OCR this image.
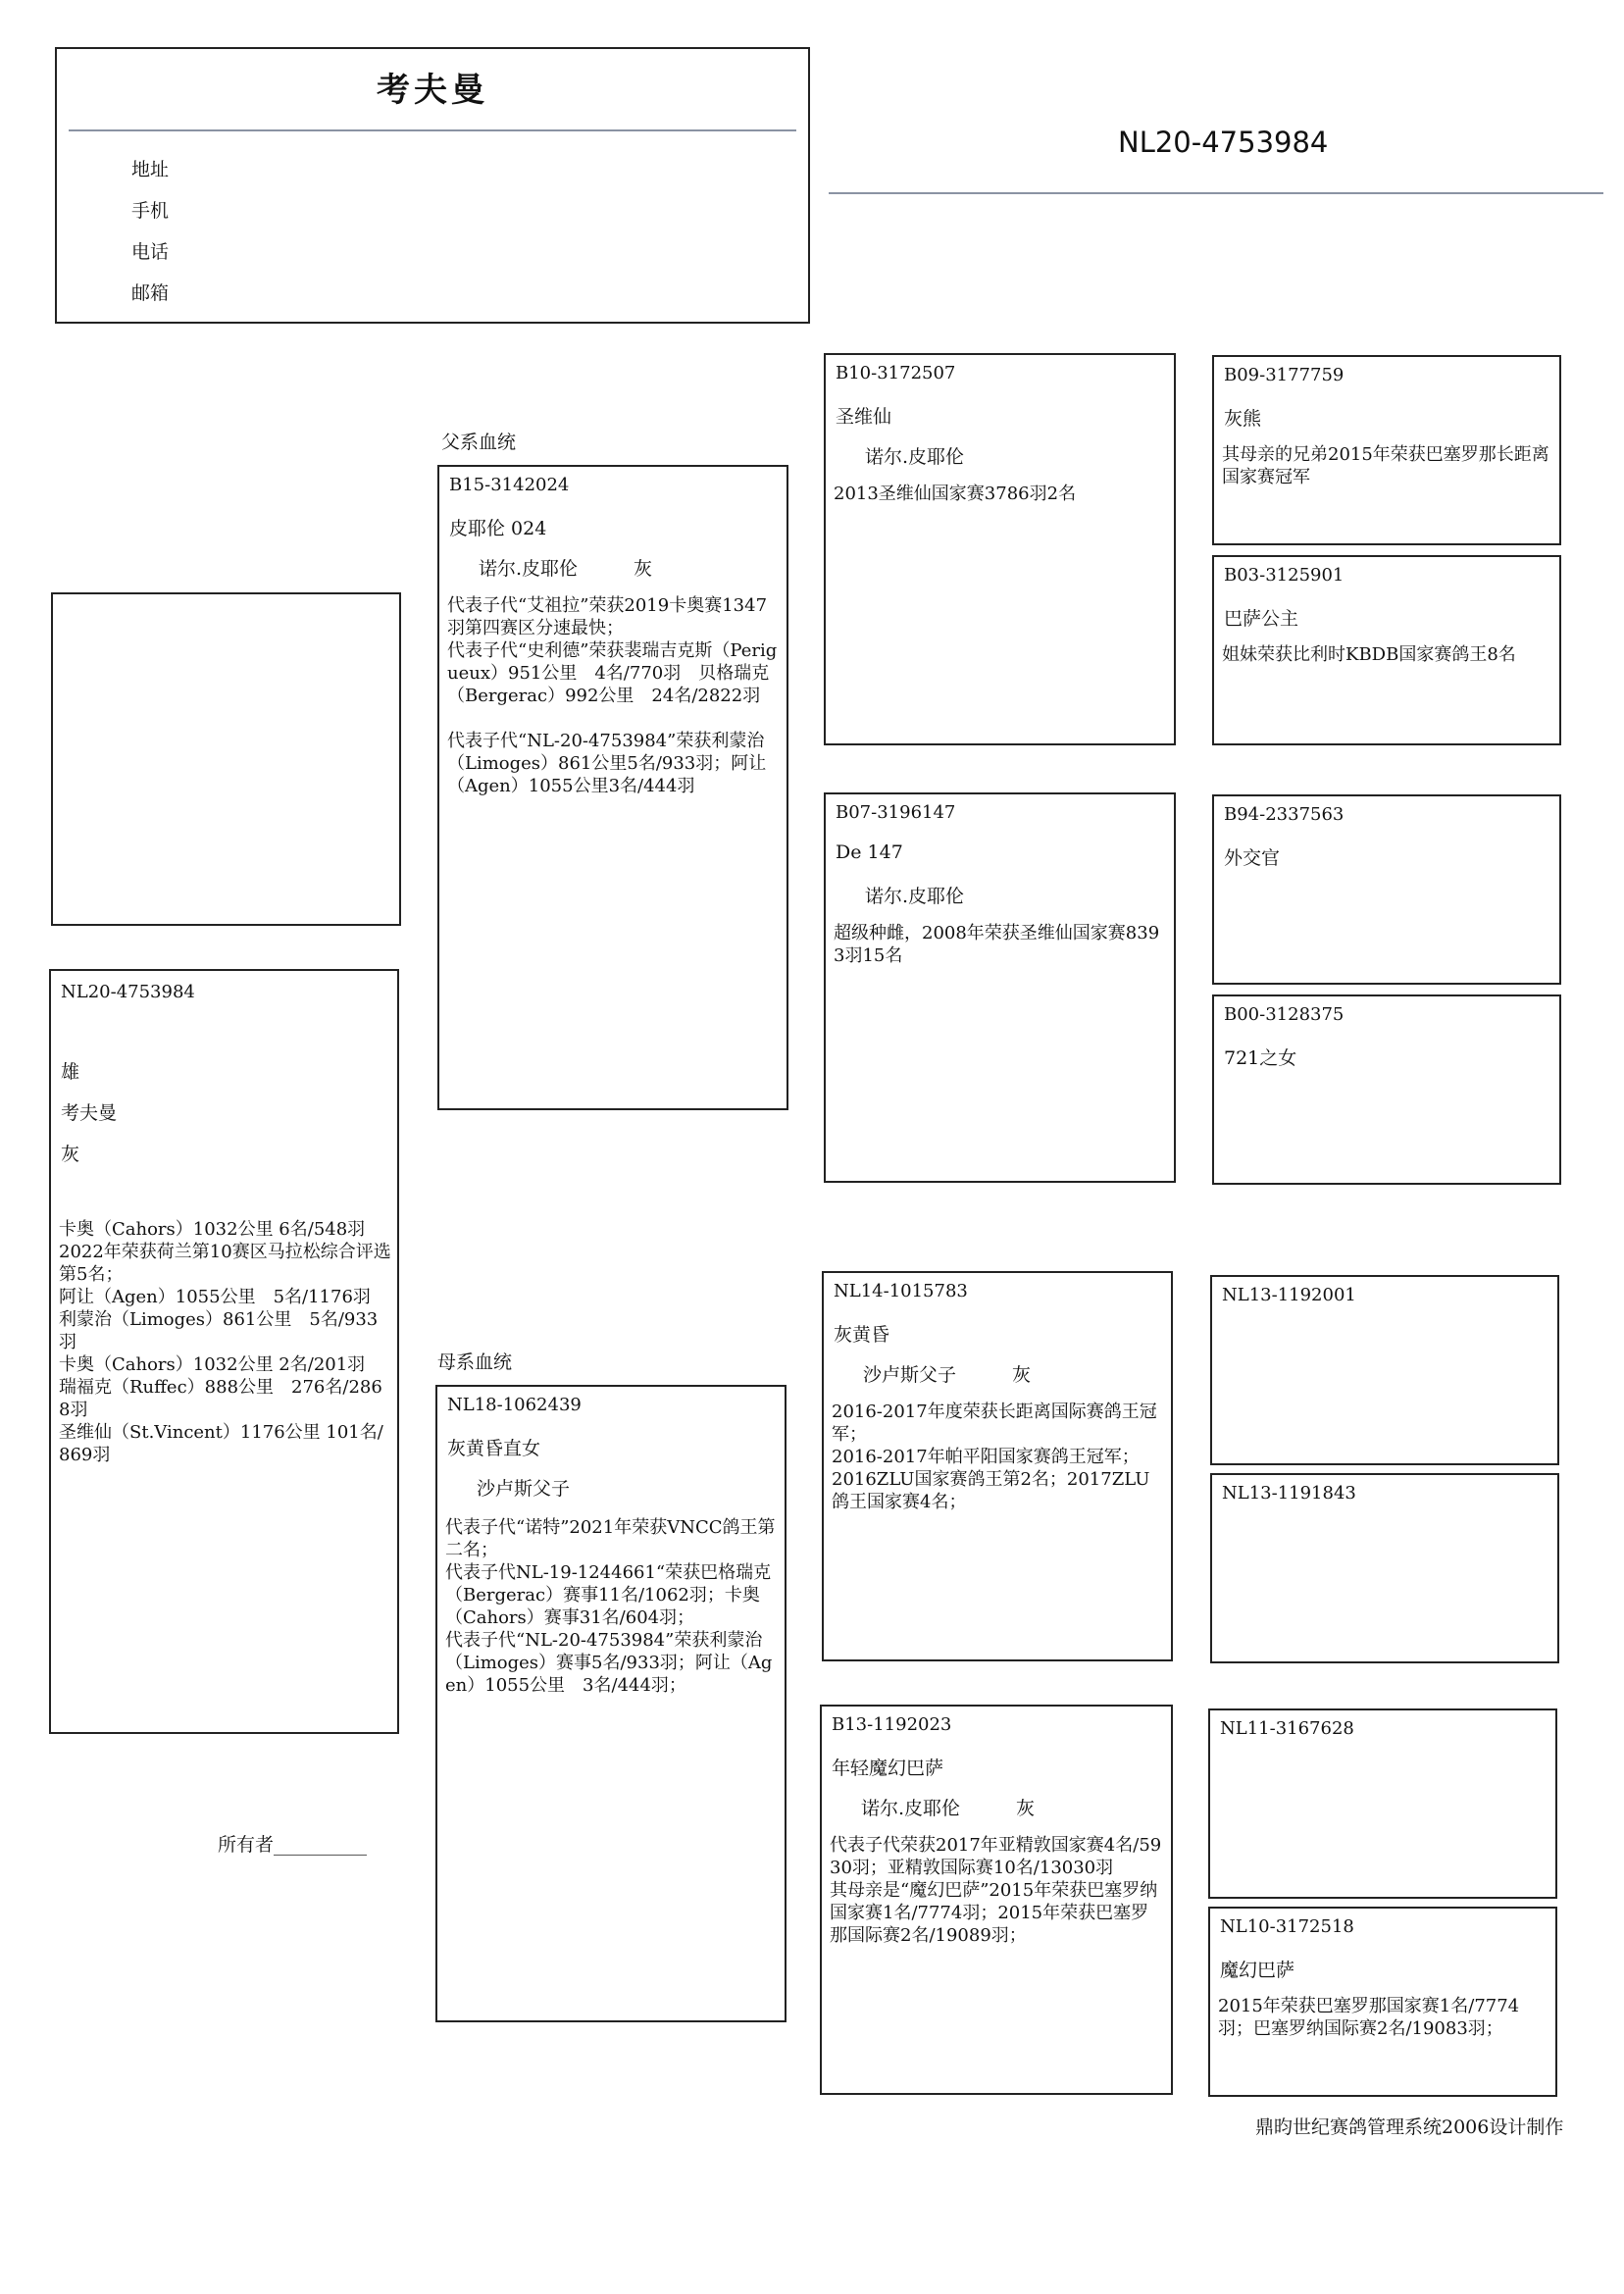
考夫曼
地址
手机
电话
邮箱
NL20-4753984
父系血统
母系血统
NL20-4753984
雄
考夫曼
灰
卡奥（Cahors）1032公里 6名/548羽
2022年荣获荷兰第10赛区马拉松综合评选第5名；
阿让（Agen）1055公里　5名/1176羽
利蒙治（Limoges）861公里　5名/933羽
卡奥（Cahors）1032公里 2名/201羽
瑞福克（Ruffec）888公里　276名/2868羽
圣维仙（St.Vincent）1176公里 101名/869羽
所有者__________
B15-3142024
皮耶伦 024
诺尔.皮耶伦　　　灰
代表子代“艾祖拉”荣获2019卡奥赛1347羽第四赛区分速最快；
代表子代“史利德”荣获裴瑞吉克斯（Perigueux）951公里　4名/770羽　贝格瑞克（Bergerac）992公里　24名/2822羽

代表子代“NL-20-4753984”荣获利蒙治（Limoges）861公里5名/933羽；阿让（Agen）1055公里3名/444羽
NL18-1062439
灰黄昏直女
沙卢斯父子
代表子代“诺特”2021年荣获VNCC鸽王第二名；
代表子代NL-19-1244661“荣获巴格瑞克（Bergerac）赛事11名/1062羽；卡奥（Cahors）赛事31名/604羽；
代表子代“NL-20-4753984”荣获利蒙治（Limoges）赛事5名/933羽；阿让（Agen）1055公里　3名/444羽；
B10-3172507
圣维仙
诺尔.皮耶伦
2013圣维仙国家赛3786羽2名
B07-3196147
De 147
诺尔.皮耶伦
超级种雌，2008年荣获圣维仙国家赛8393羽15名
NL14-1015783
灰黄昏
沙卢斯父子　　　灰
2016-2017年度荣获长距离国际赛鸽王冠军；
2016-2017年帕平阳国家赛鸽王冠军；
2016ZLU国家赛鸽王第2名；2017ZLU鸽王国家赛4名；
B13-1192023
年轻魔幻巴萨
诺尔.皮耶伦　　　灰
代表子代荣获2017年亚精敦国家赛4名/5930羽；亚精敦国际赛10名/13030羽
其母亲是“魔幻巴萨”2015年荣获巴塞罗纳国家赛1名/7774羽；2015年荣获巴塞罗那国际赛2名/19089羽；
B09-3177759
灰熊
其母亲的兄弟2015年荣获巴塞罗那长距离国家赛冠军
B03-3125901
巴萨公主
姐妹荣获比利时KBDB国家赛鸽王8名
B94-2337563
外交官
B00-3128375
721之女
NL13-1192001
NL13-1191843
NL11-3167628
NL10-3172518
魔幻巴萨
2015年荣获巴塞罗那国家赛1名/7774羽；巴塞罗纳国际赛2名/19083羽；
鼎昀世纪赛鸽管理系统2006设计制作
